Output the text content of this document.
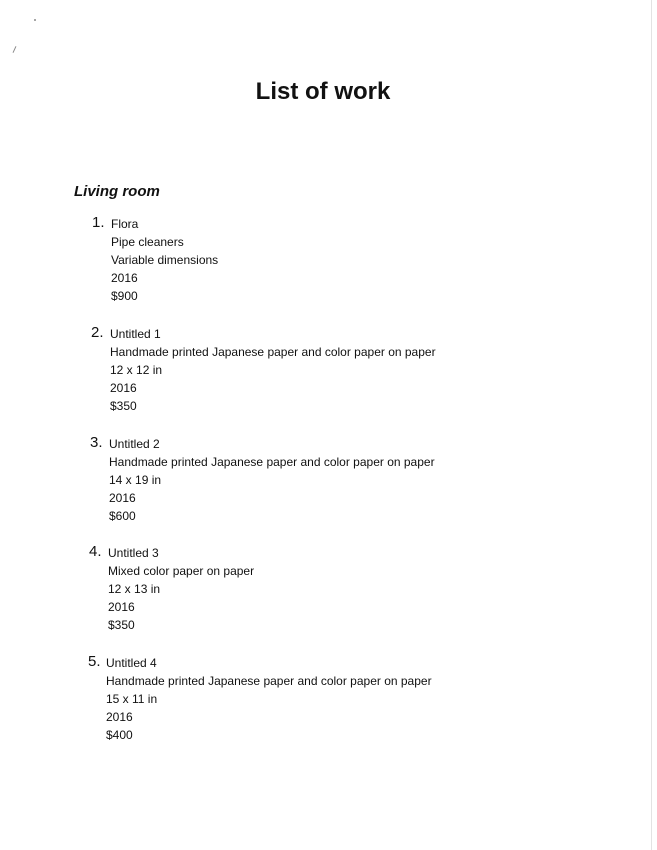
List of work
Living room
1. Flora
Pipe cleaners
Variable dimensions
2016
$900
2. Untitled 1
Handmade printed Japanese paper and color paper on paper
12 x 12 in
2016
$350
3. Untitled 2
Handmade printed Japanese paper and color paper on paper
14 x 19 in
2016
$600
4. Untitled 3
Mixed color paper on paper
12 x 13 in
2016
$350
5. Untitled 4
Handmade printed Japanese paper and color paper on paper
15 x 11 in
2016
$400
